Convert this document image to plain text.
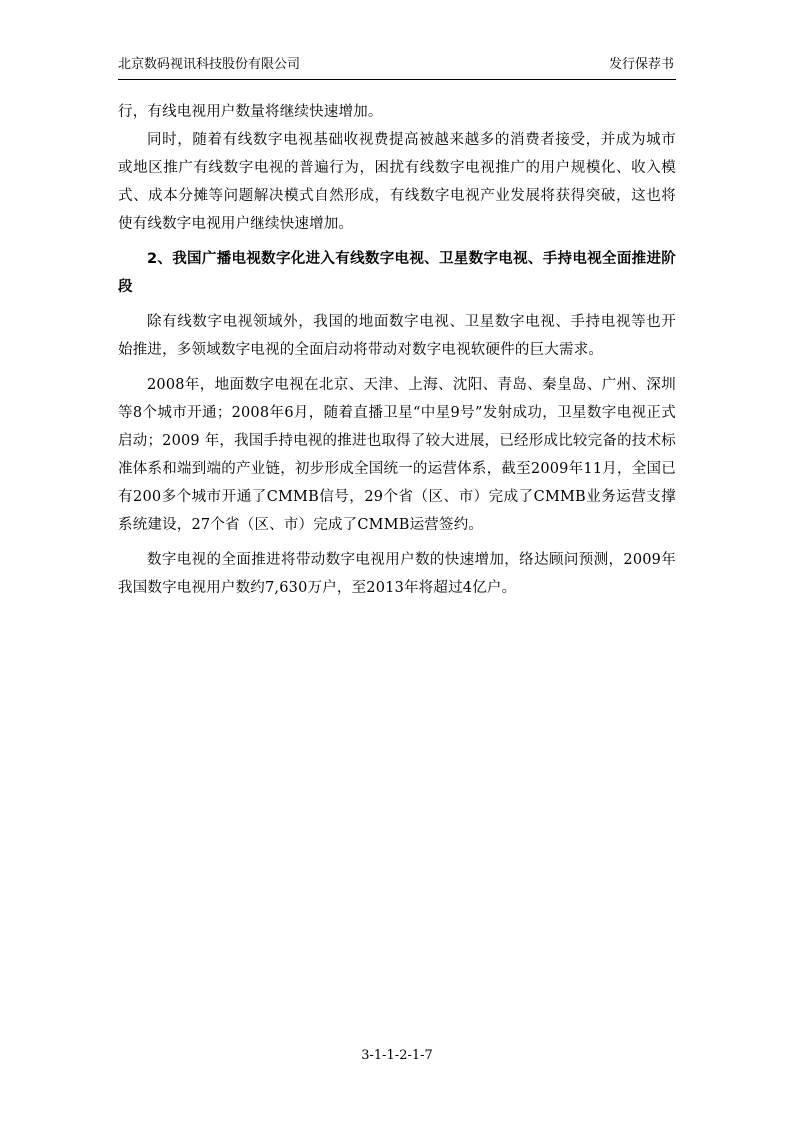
北京数码视讯科技股份有限公司	发行保荐书

行，有线电视用户数量将继续快速增加。

同时，随着有线数字电视基础收视费提高被越来越多的消费者接受，并成为城市或地区推广有线数字电视的普遍行为，困扰有线数字电视推广的用户规模化、收入模式、成本分摊等问题解决模式自然形成，有线数字电视产业发展将获得突破，这也将使有线数字电视用户继续快速增加。

2、我国广播电视数字化进入有线数字电视、卫星数字电视、手持电视全面推进阶段

除有线数字电视领域外，我国的地面数字电视、卫星数字电视、手持电视等也开始推进，多领域数字电视的全面启动将带动对数字电视软硬件的巨大需求。

2008年，地面数字电视在北京、天津、上海、沈阳、青岛、秦皇岛、广州、深圳等8个城市开通；2008年6月，随着直播卫星“中星9号”发射成功，卫星数字电视正式启动；2009 年，我国手持电视的推进也取得了较大进展，已经形成比较完备的技术标准体系和端到端的产业链，初步形成全国统一的运营体系，截至2009年11月，全国已有200多个城市开通了CMMB信号，29个省（区、市）完成了CMMB业务运营支撑系统建设，27个省（区、市）完成了CMMB运营签约。

数字电视的全面推进将带动数字电视用户数的快速增加，络达顾问预测，2009年我国数字电视用户数约7,630万户，至2013年将超过4亿户。

3-1-1-2-1-7
